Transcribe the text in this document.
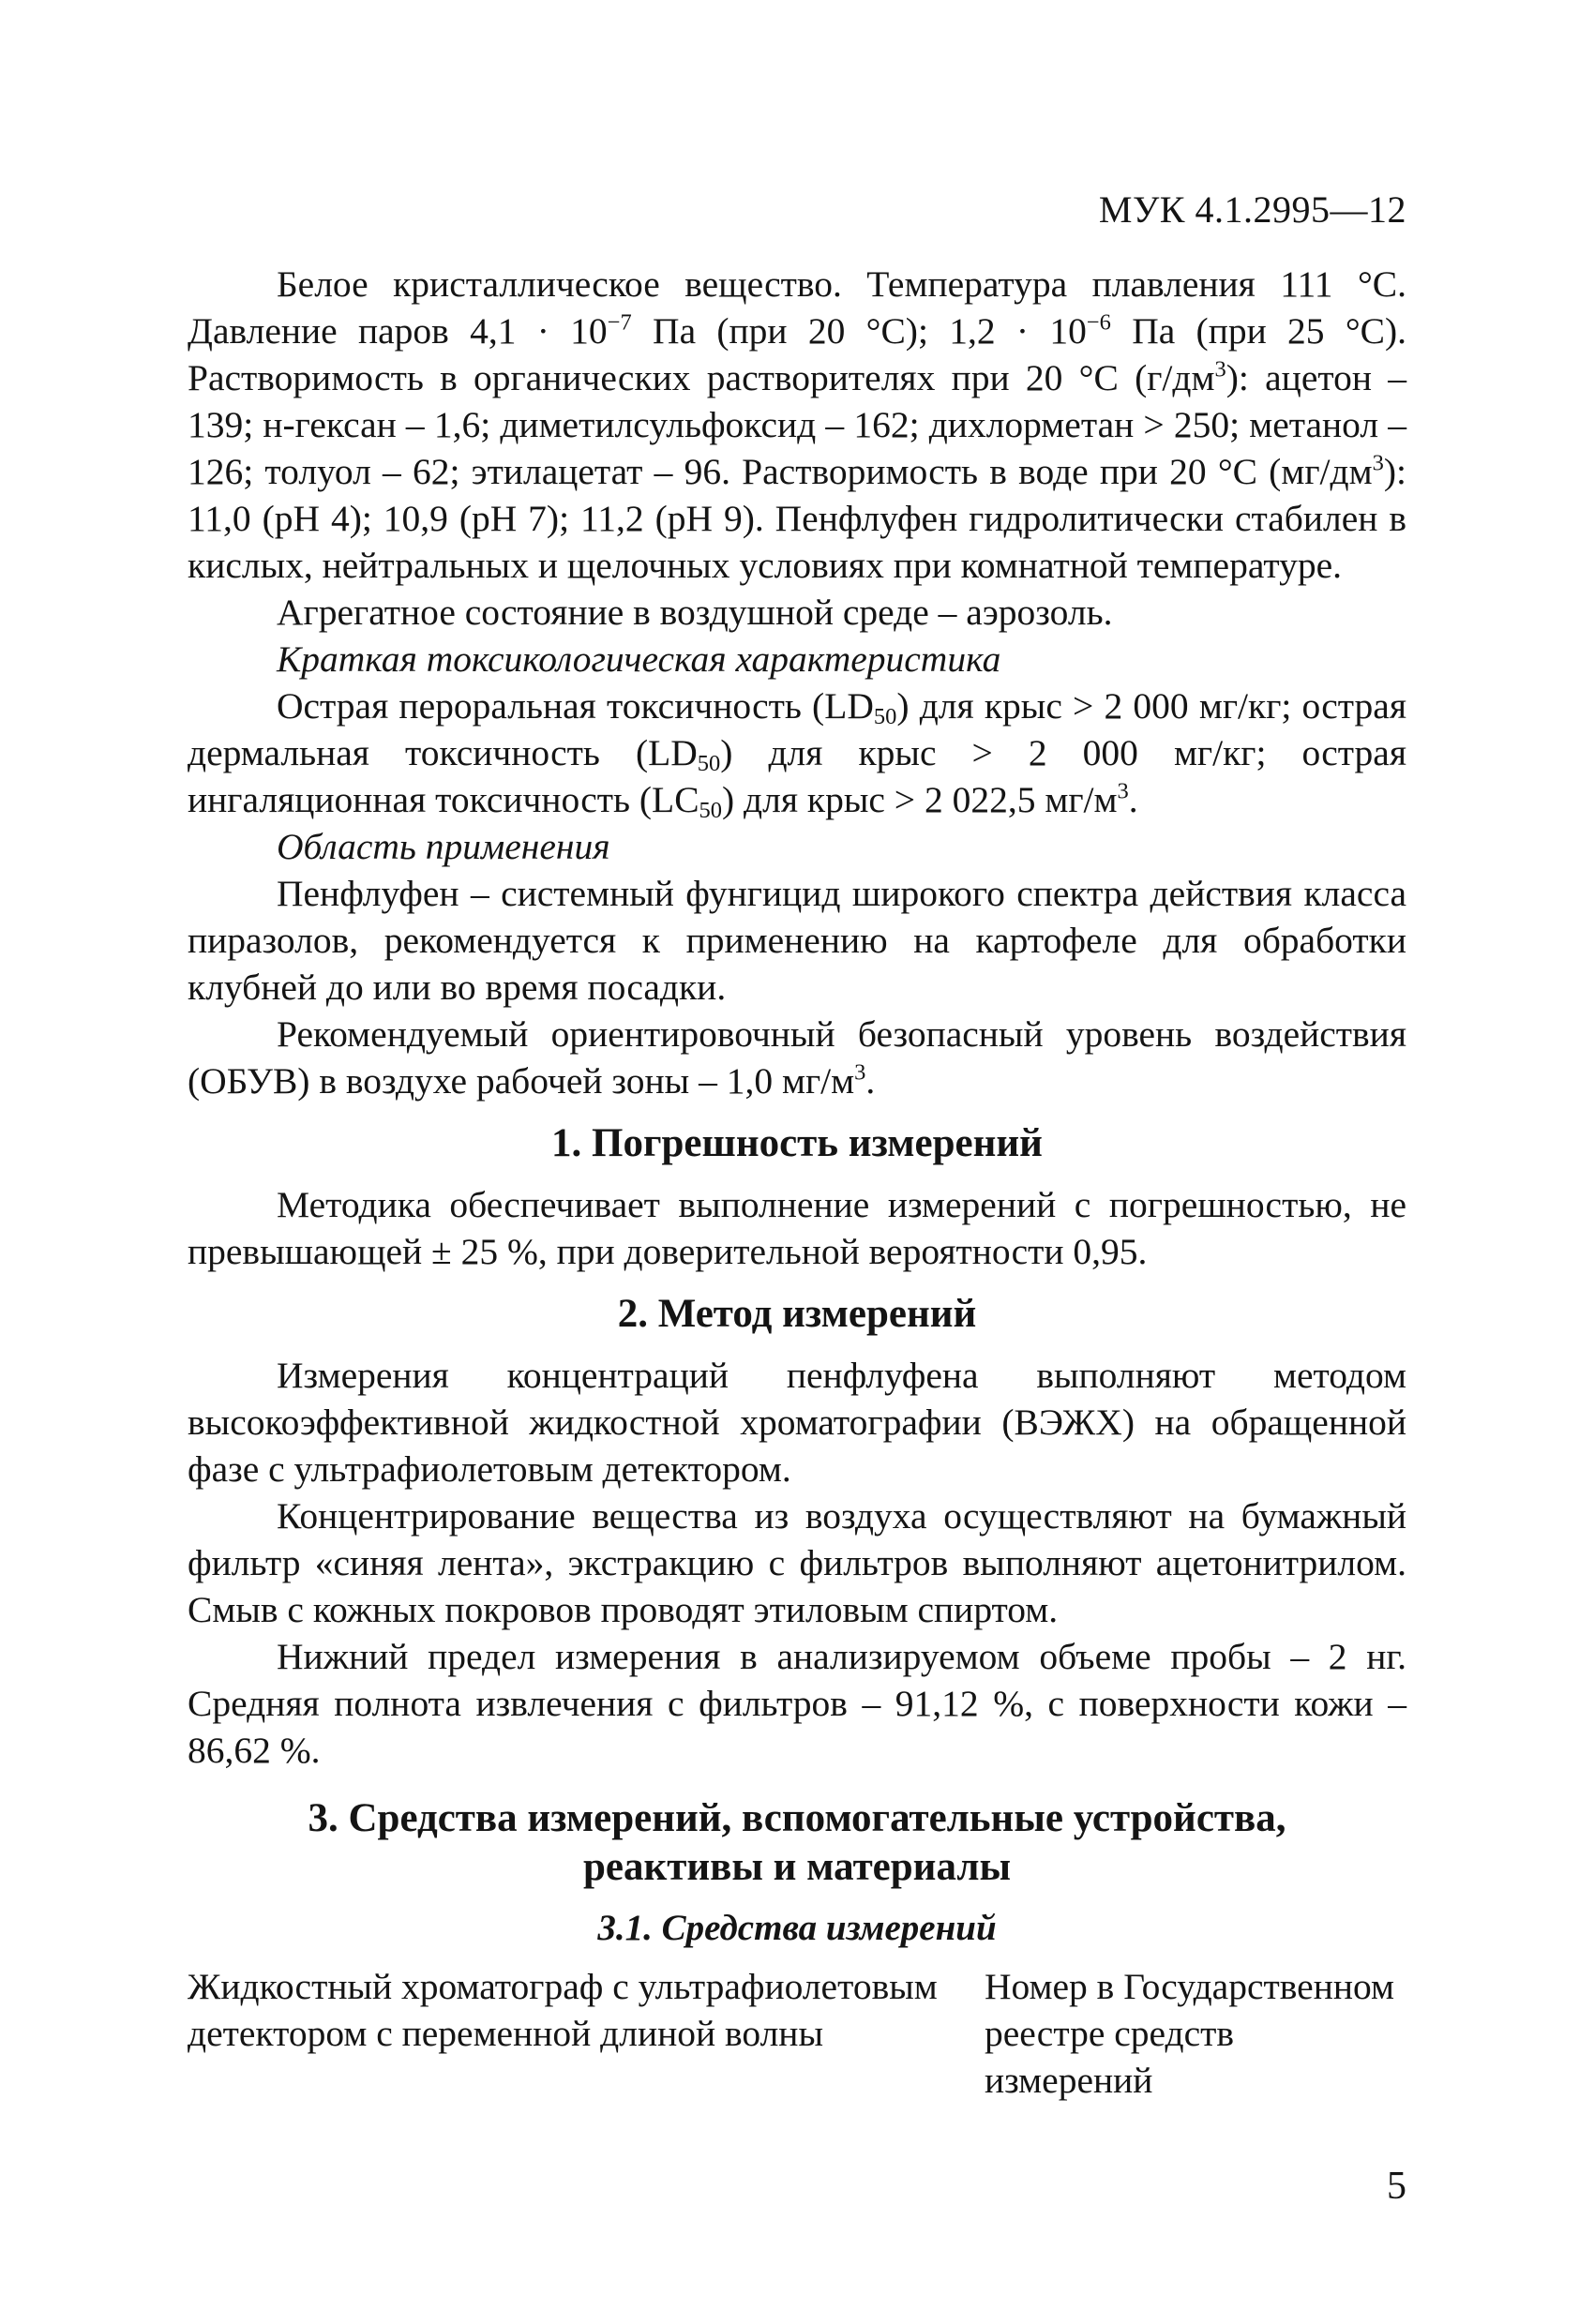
МУК 4.1.2995—12

Белое кристаллическое вещество. Температура плавления 111 °С. Давление паров $4,1 \cdot 10^{-7}$ Па (при 20 °С); $1,2 \cdot 10^{-6}$ Па (при 25 °С). Растворимость в органических растворителях при 20 °С $(г/дм^3)$: ацетон – 139; н-гексан – 1,6; диметилсульфоксид – 162; дихлорметан > 250; метанол – 126; толуол – 62; этилацетат – 96. Растворимость в воде при 20 °С $(мг/дм^3)$: 11,0 (рН 4); 10,9 (рН 7); 11,2 (рН 9). Пенфлуфен гидролитически стабилен в кислых, нейтральных и щелочных условиях при комнатной температуре.

Агрегатное состояние в воздушной среде – аэрозоль.

Краткая токсикологическая характеристика

Острая пероральная токсичность $(LD_{50})$ для крыс > 2 000 мг/кг; острая дермальная токсичность $(LD_{50})$ для крыс > 2 000 мг/кг; острая ингаляционная токсичность $(LC_{50})$ для крыс > 2 022,5 $мг/м^3$.

Область применения

Пенфлуфен – системный фунгицид широкого спектра действия класса пиразолов, рекомендуется к применению на картофеле для обработки клубней до или во время посадки.

Рекомендуемый ориентировочный безопасный уровень воздействия (ОБУВ) в воздухе рабочей зоны – 1,0 $мг/м^3$.

1. Погрешность измерений

Методика обеспечивает выполнение измерений с погрешностью, не превышающей ± 25 %, при доверительной вероятности 0,95.

2. Метод измерений

Измерения концентраций пенфлуфена выполняют методом высокоэффективной жидкостной хроматографии (ВЭЖХ) на обращенной фазе с ультрафиолетовым детектором.

Концентрирование вещества из воздуха осуществляют на бумажный фильтр «синяя лента», экстракцию с фильтров выполняют ацетонитрилом. Смыв с кожных покровов проводят этиловым спиртом.

Нижний предел измерения в анализируемом объеме пробы – 2 нг. Средняя полнота извлечения с фильтров – 91,12 %, с поверхности кожи – 86,62 %.

3. Средства измерений, вспомогательные устройства,
реактивы и материалы
3.1. Средства измерений
Жидкостный хроматограф с ультрафиолетовым
детектором с переменной длиной волны
Номер в Государственном
реестре средств измерений
5
